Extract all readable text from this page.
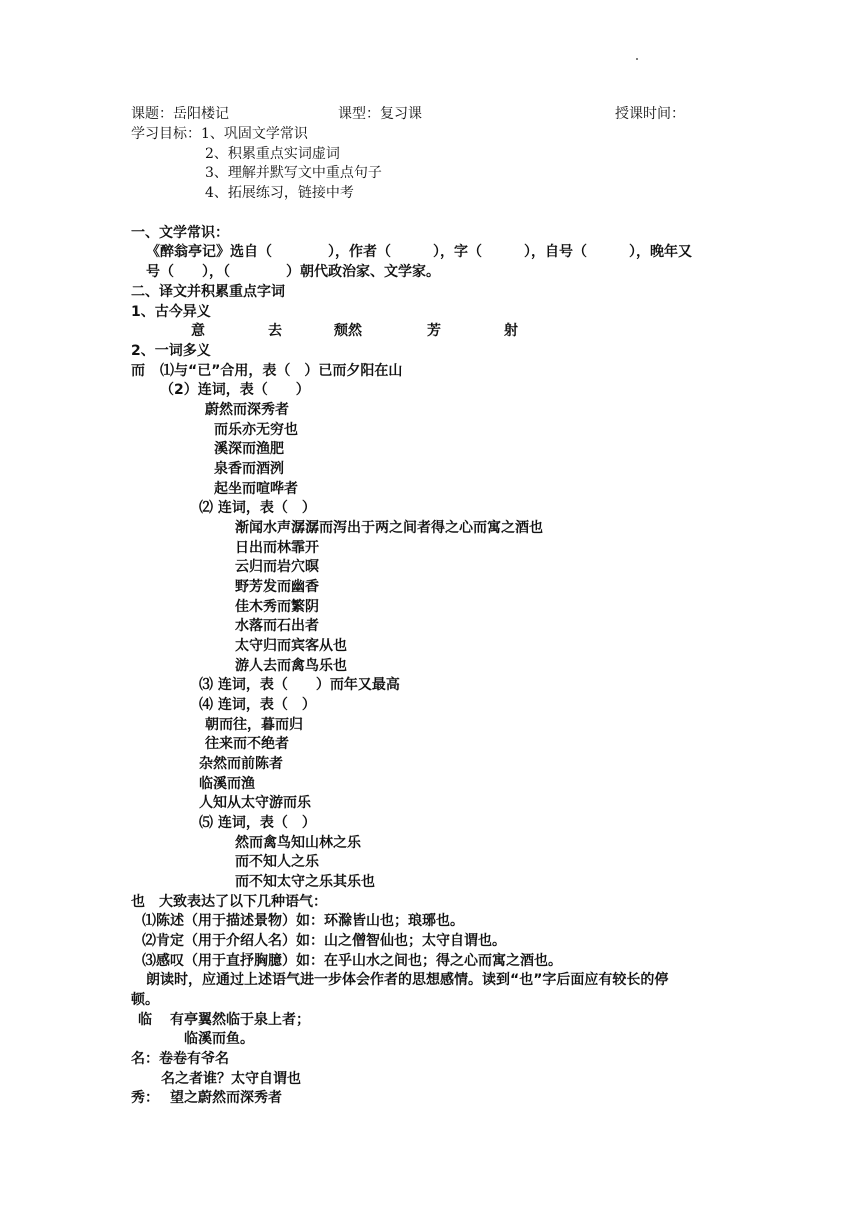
课题：岳阳楼记	课型：复习课	授课时间：
学习目标：1、巩固文学常识
2、积累重点实词虚词
3、理解并默写文中重点句子
4、拓展练习，链接中考
一、文学常识：
《醉翁亭记》选自（　　　　），作者（　　　），字（　　　），自号（　　　），晚年又
号（　　），（　　　　）朝代政治家、文学家。
二、译文并积累重点字词
1、古今异义
意	去	颓然	芳	射
2、一词多义
而 ⑴与“已”合用，表（　）已而夕阳在山
（2）连词，表（　　）
蔚然而深秀者
而乐亦无穷也
溪深而渔肥
泉香而酒洌
起坐而喧哗者
⑵ 连词，表（　）
渐闻水声潺潺而泻出于两之间者得之心而寓之酒也
日出而林霏开
云归而岩穴暝
野芳发而幽香
佳木秀而繁阴
水落而石出者
太守归而宾客从也
游人去而禽鸟乐也
⑶ 连词，表（　　）而年又最高
⑷ 连词，表（　）
朝而往，暮而归
往来而不绝者
杂然而前陈者
临溪而渔
人知从太守游而乐
⑸ 连词，表（　）
然而禽鸟知山林之乐
而不知人之乐
而不知太守之乐其乐也
也　大致表达了以下几种语气：
⑴陈述（用于描述景物）如：环滁皆山也；琅琊也。
⑵肯定（用于介绍人名）如：山之僧智仙也；太守自谓也。
⑶感叹（用于直抒胸臆）如：在乎山水之间也；得之心而寓之酒也。
朗读时，应通过上述语气进一步体会作者的思想感情。读到“也”字后面应有较长的停
顿。
临 有亭翼然临于泉上者；
临溪而鱼。
名：卷卷有爷名
名之者谁？太守自谓也
秀： 望之蔚然而深秀者
